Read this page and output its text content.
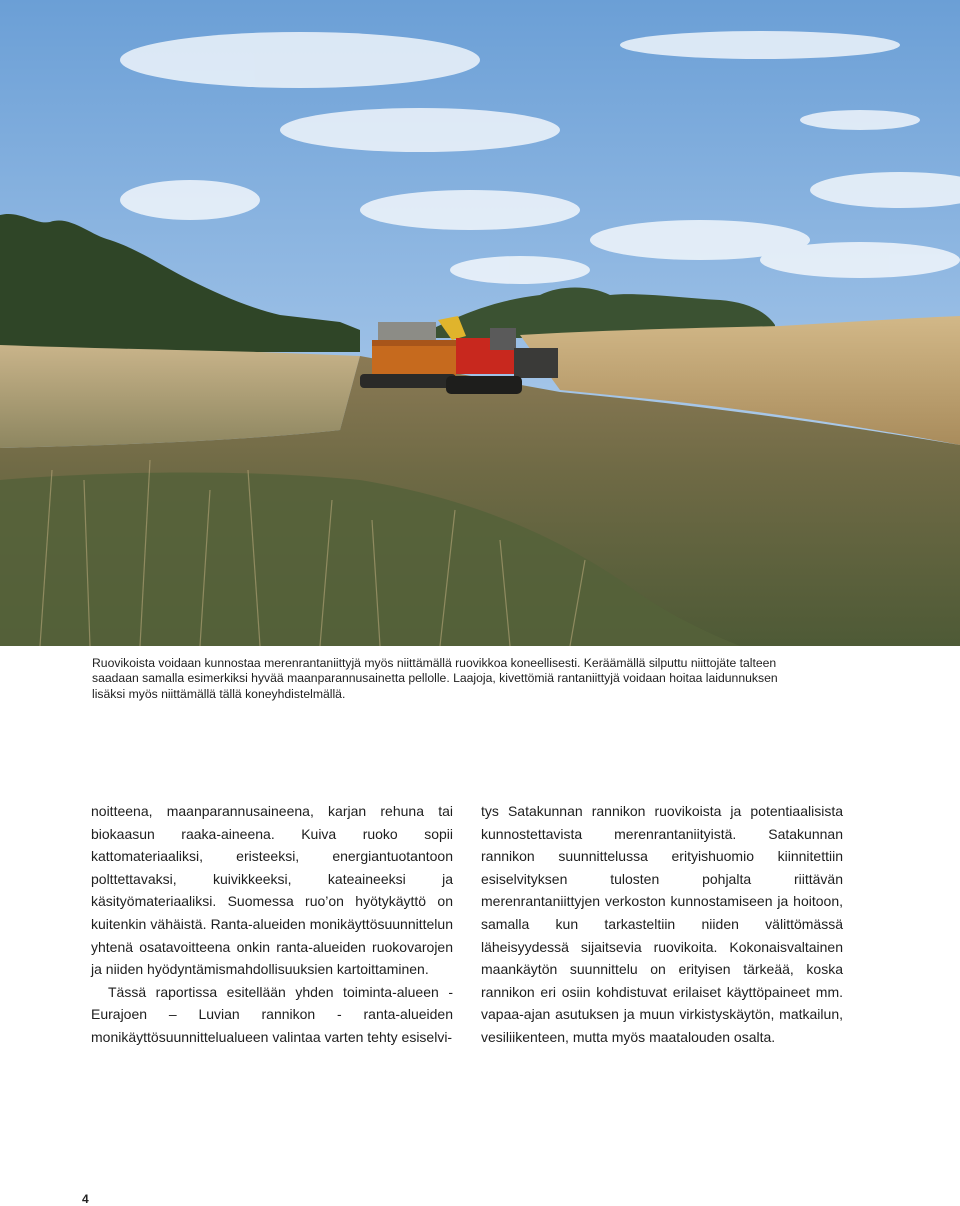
Ruovikoista voidaan kunnostaa merenrantaniittyjä myös niittämällä ruovikkoa koneellisesti. Keräämällä silputtu niittojäte talteen

saadaan samalla esimerkiksi hyvää maanparannusainetta pellolle. Laajoja, kivettömiä rantaniittyjä voidaan hoitaa laidunnuksen

lisäksi myös niittämällä tällä koneyhdistelmällä.

noitteena, maanparannusaineena, karjan rehuna tai biokaasun raaka-aineena. Kuiva ruoko sopii kattomateriaaliksi, eristeeksi, energiantuotantoon polttettavaksi, kuivikkeeksi, kateaineeksi ja käsityömateriaaliksi. Suomessa ruo’on hyötykäyttö on kuitenkin vähäistä. Ranta-alueiden monikäyttösuunnittelun yhtenä osatavoitteena onkin ranta-alueiden ruokovarojen ja niiden hyödyntämismahdollisuuksien kartoittaminen.

Tässä raportissa esitellään yhden toiminta-alueen - Eurajoen – Luvian rannikon - ranta-alueiden monikäyttösuunnittelualueen valintaa varten tehty esiselvi-

tys Satakunnan rannikon ruovikoista ja potentiaalisista kunnostettavista merenrantaniityistä. Satakunnan rannikon suunnittelussa erityishuomio kiinnitettiin esiselvityksen tulosten pohjalta riittävän merenrantaniittyjen verkoston kunnostamiseen ja hoitoon, samalla kun tarkasteltiin niiden välittömässä läheisyydessä sijaitsevia ruovikoita. Kokonaisvaltainen maankäytön suunnittelu on erityisen tärkeää, koska rannikon eri osiin kohdistuvat erilaiset käyttöpaineet mm. vapaa-ajan asutuksen ja muun virkistyskäytön, matkailun, vesiliikenteen, mutta myös maatalouden osalta.

4
